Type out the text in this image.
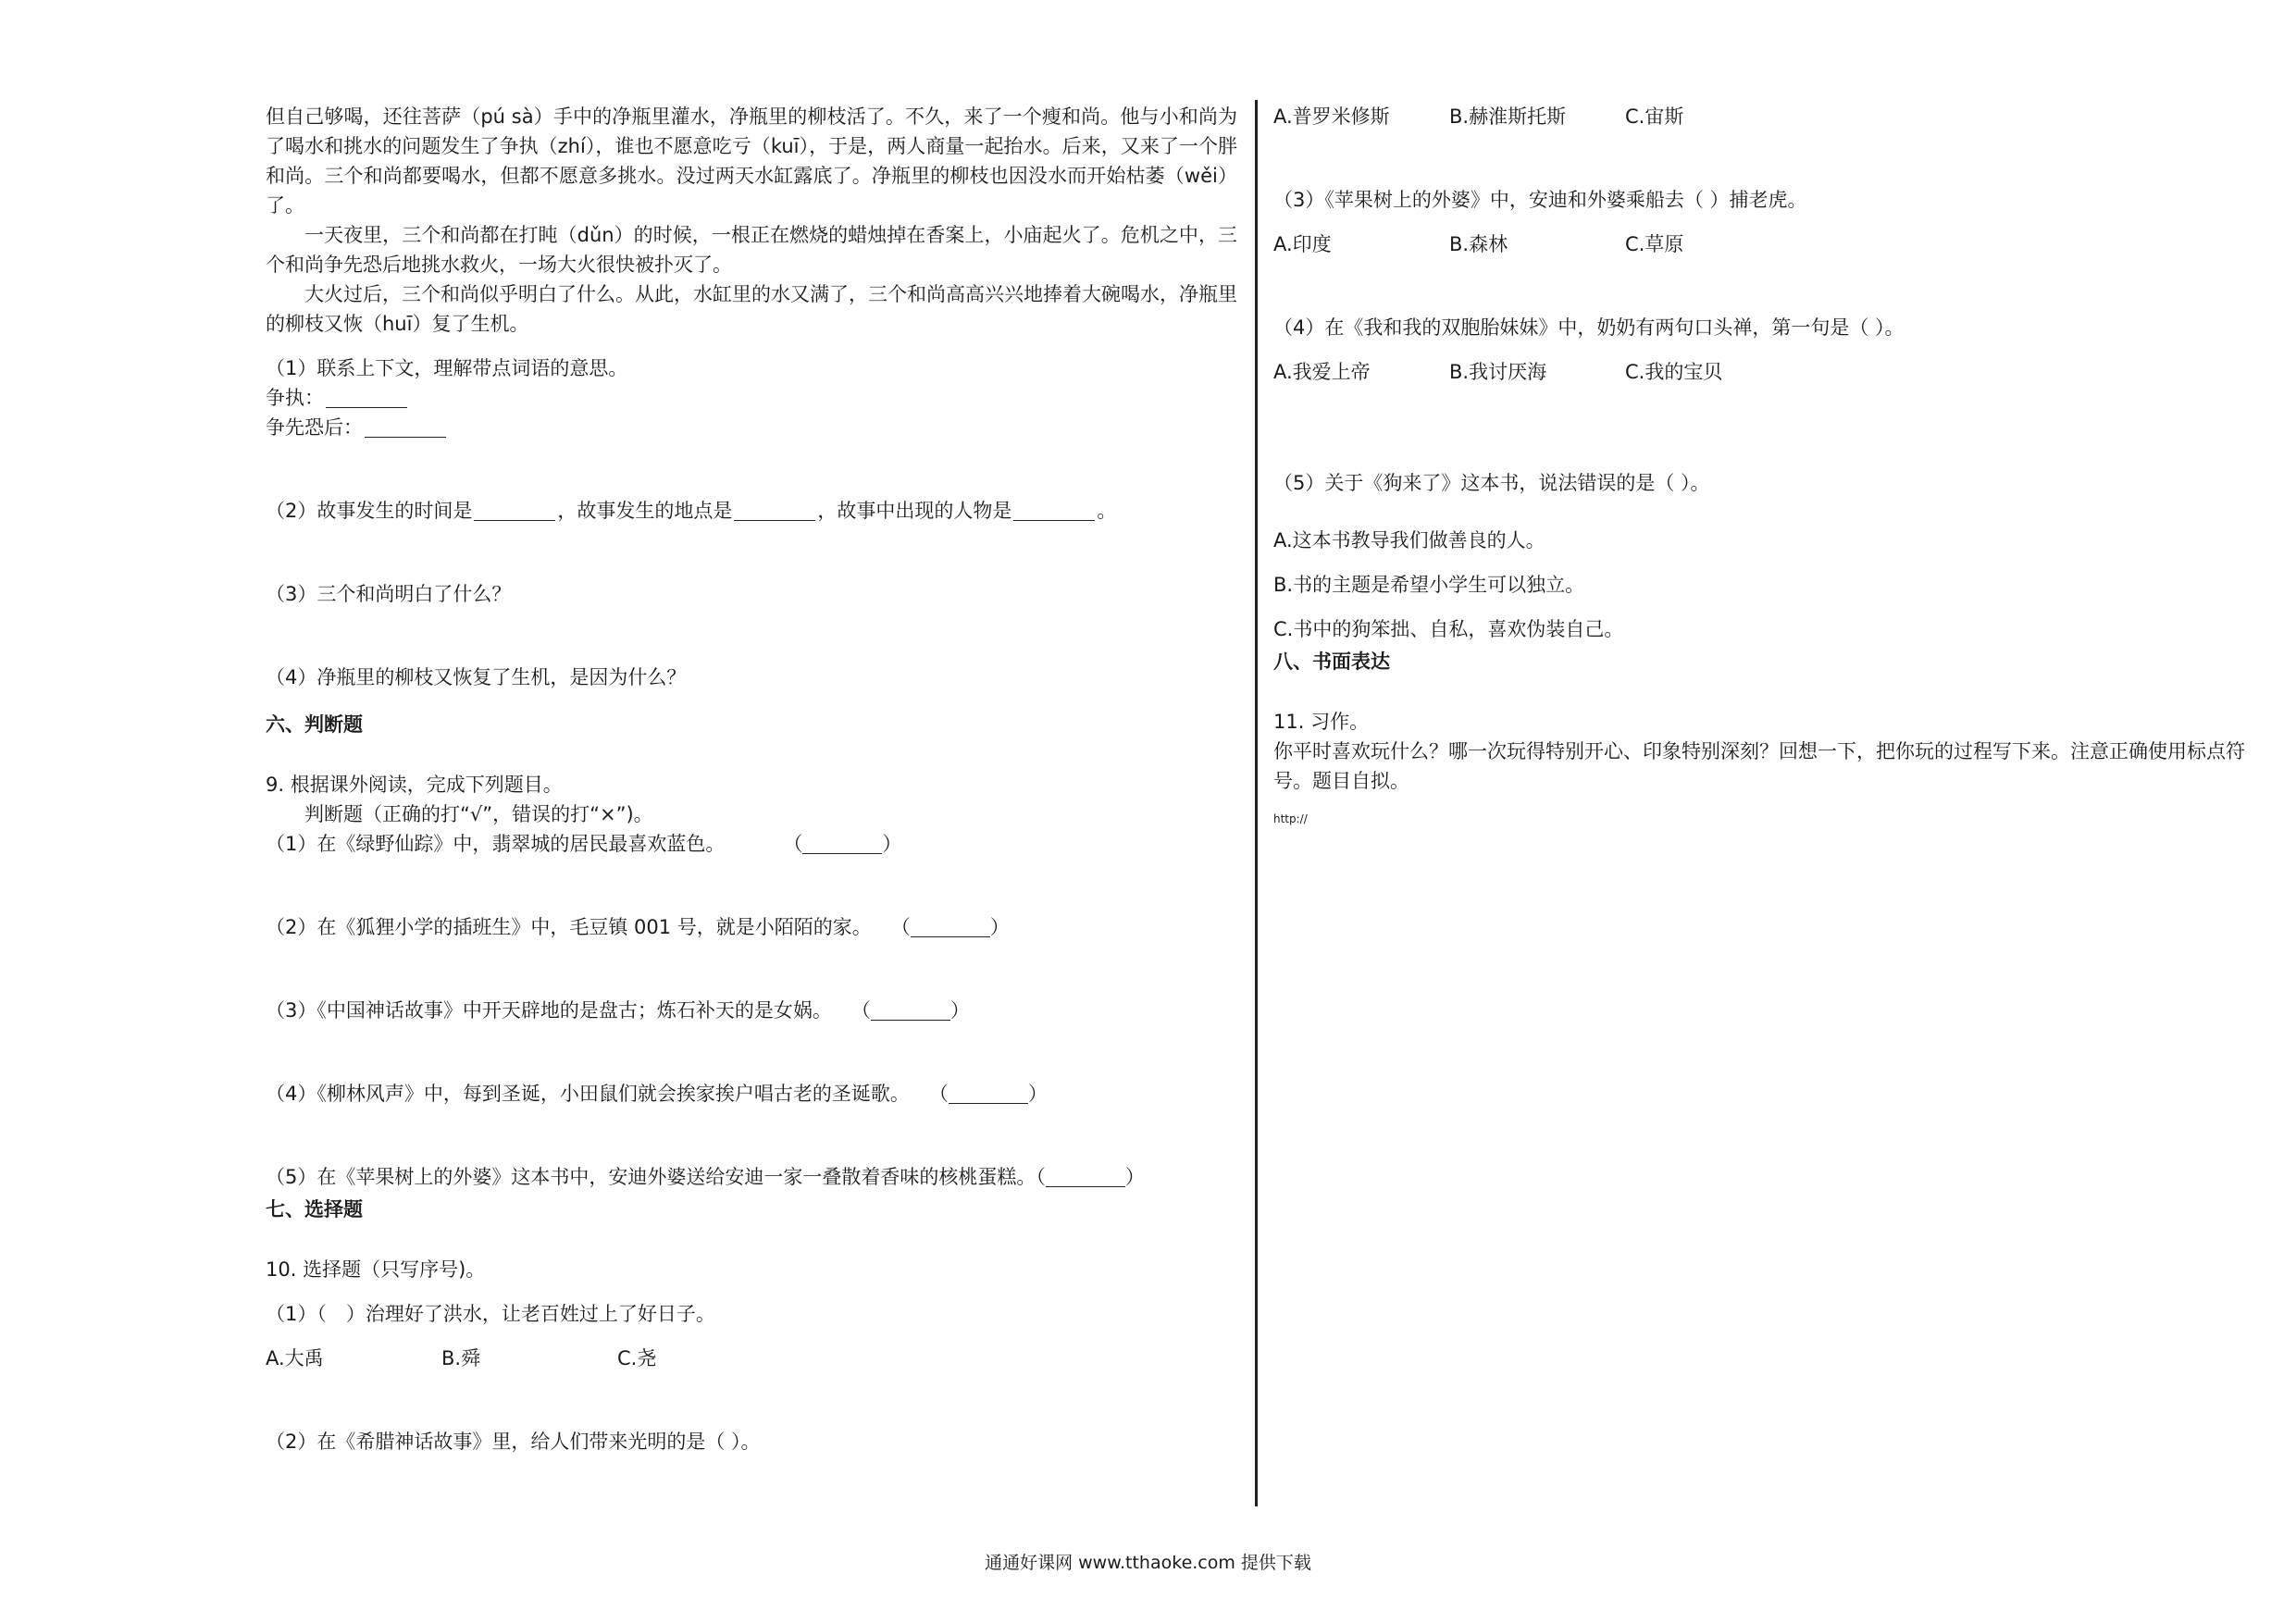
但自己够喝，还往菩萨（pú sà）手中的净瓶里灌水，净瓶里的柳枝活了。不久，来了一个瘦和尚。他与小和尚为了喝水和挑水的问题发生了争执（zhí），谁也不愿意吃亏（kuī），于是，两人商量一起抬水。后来，又来了一个胖和尚。三个和尚都要喝水，但都不愿意多挑水。没过两天水缸露底了。净瓶里的柳枝也因没水而开始枯萎（wěi）了。

一天夜里，三个和尚都在打盹（dǔn）的时候，一根正在燃烧的蜡烛掉在香案上，小庙起火了。危机之中，三个和尚争先恐后地挑水救火，一场大火很快被扑灭了。

大火过后，三个和尚似乎明白了什么。从此，水缸里的水又满了，三个和尚高高兴兴地捧着大碗喝水，净瓶里的柳枝又恢（huī）复了生机。

（1）联系上下文，理解带点词语的意思。
争执：
争先恐后：
（2）故事发生的时间是	，故事发生的地点是	，故事中出现的人物是	。
（3）三个和尚明白了什么？
（4）净瓶里的柳枝又恢复了生机，是因为什么？
六、判断题
9. 根据课外阅读，完成下列题目。
判断题（正确的打“√”，错误的打“×”)。
（1）在《绿野仙踪》中，翡翠城的居民最喜欢蓝色。   （	）
（2）在《狐狸小学的插班生》中，毛豆镇 001 号，就是小陌陌的家。 （	）
（3）《中国神话故事》中开天辟地的是盘古；炼石补天的是女娲。 （	）
（4）《柳林风声》中，每到圣诞，小田鼠们就会挨家挨户唱古老的圣诞歌。 （	）
（5）在《苹果树上的外婆》这本书中，安迪外婆送给安迪一家一叠散着香味的核桃蛋糕。（	）
七、选择题
10. 选择题（只写序号)。
（1）（　）治理好了洪水，让老百姓过上了好日子。
A.大禹	B.舜	C.尧
（2）在《希腊神话故事》里，给人们带来光明的是（ ）。
A.普罗米修斯	B.赫淮斯托斯	C.宙斯
（3）《苹果树上的外婆》中，安迪和外婆乘船去（ ）捕老虎。
A.印度	B.森林	C.草原
（4）在《我和我的双胞胎妹妹》中，奶奶有两句口头禅，第一句是（ ）。
A.我爱上帝	B.我讨厌海	C.我的宝贝
（5）关于《狗来了》这本书，说法错误的是（ ）。
A.这本书教导我们做善良的人。
B.书的主题是希望小学生可以独立。
C.书中的狗笨拙、自私，喜欢伪装自己。
八、书面表达
11. 习作。

你平时喜欢玩什么？哪一次玩得特别开心、印象特别深刻？回想一下，把你玩的过程写下来。注意正确使用标点符号。题目自拟。

http://
通通好课网 www.tthaoke.com 提供下载
